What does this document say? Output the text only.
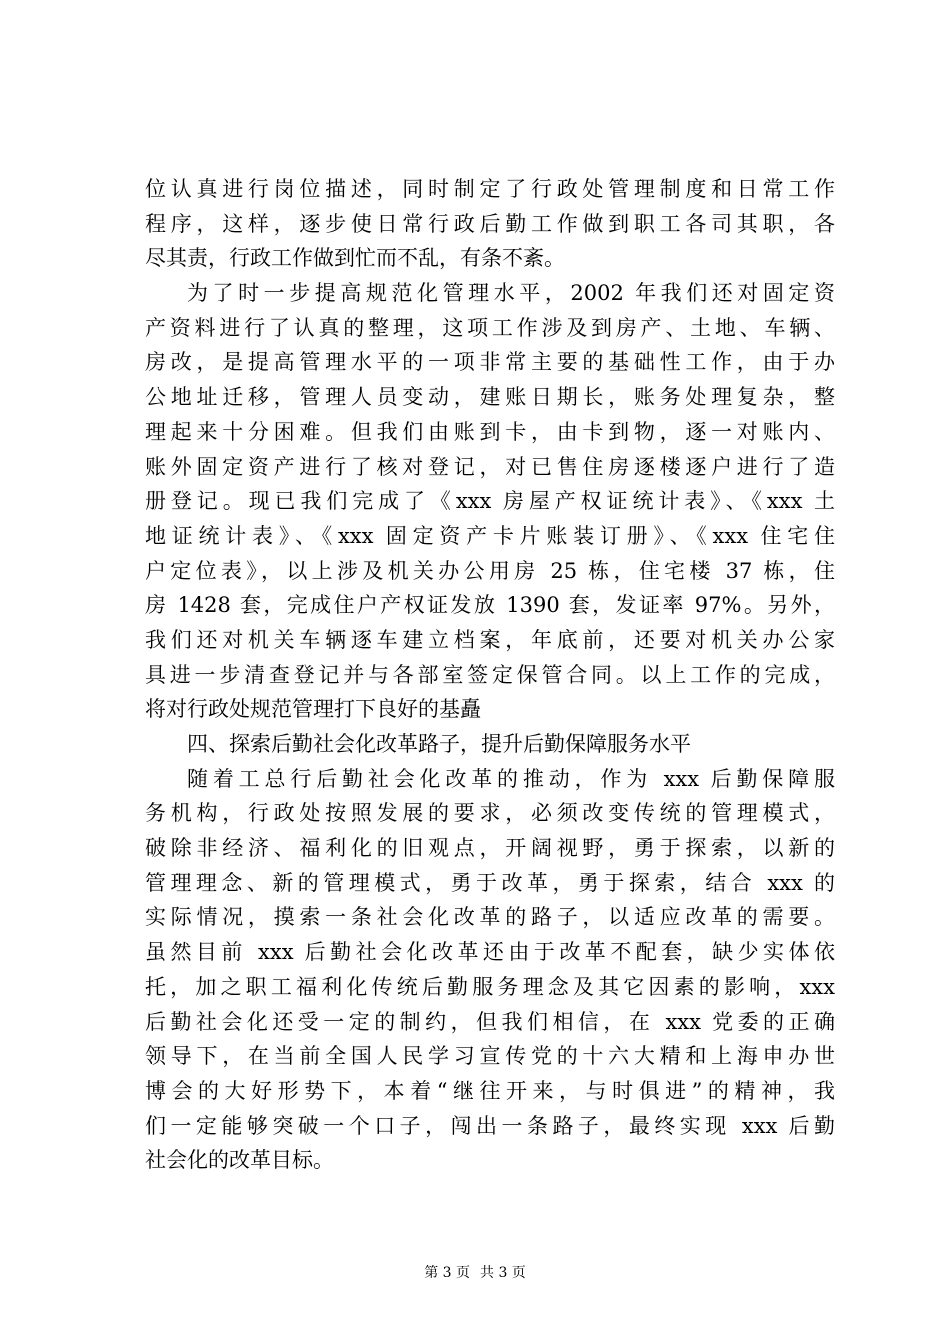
位认真进行岗位描述，同时制定了行政处管理制度和日常工作
程序，这样，逐步使日常行政后勤工作做到职工各司其职，各
尽其责，行政工作做到忙而不乱，有条不紊。
为了时一步提高规范化管理水平，2002 年我们还对固定资
产资料进行了认真的整理，这项工作涉及到房产、土地、车辆、
房改，是提高管理水平的一项非常主要的基础性工作，由于办
公地址迁移，管理人员变动，建账日期长，账务处理复杂，整
理起来十分困难。但我们由账到卡，由卡到物，逐一对账内、
账外固定资产进行了核对登记，对已售住房逐楼逐户进行了造
册登记。现已我们完成了《xxx 房屋产权证统计表》、《xxx 土
地证统计表》、《xxx 固定资产卡片账装订册》、《xxx 住宅住
户定位表》，以上涉及机关办公用房 25 栋，住宅楼 37 栋，住
房 1428 套，完成住户产权证发放 1390 套，发证率 97%。另外，
我们还对机关车辆逐车建立档案，年底前，还要对机关办公家
具进一步清查登记并与各部室签定保管合同。以上工作的完成，
将对行政处规范管理打下良好的基矗
四、探索后勤社会化改革路子，提升后勤保障服务水平
随着工总行后勤社会化改革的推动，作为 xxx 后勤保障服
务机构，行政处按照发展的要求，必须改变传统的管理模式，
破除非经济、福利化的旧观点，开阔视野，勇于探索，以新的
管理理念、新的管理模式，勇于改革，勇于探索，结合 xxx 的
实际情况，摸索一条社会化改革的路子，以适应改革的需要。
虽然目前 xxx 后勤社会化改革还由于改革不配套，缺少实体依
托，加之职工福利化传统后勤服务理念及其它因素的影响，xxx
后勤社会化还受一定的制约，但我们相信，在 xxx 党委的正确
领导下，在当前全国人民学习宣传党的十六大精和上海申办世
博会的大好形势下，本着“继往开来，与时俱进”的精神，我
们一定能够突破一个口子，闯出一条路子，最终实现 xxx 后勤
社会化的改革目标。
第 3 页 共 3 页
